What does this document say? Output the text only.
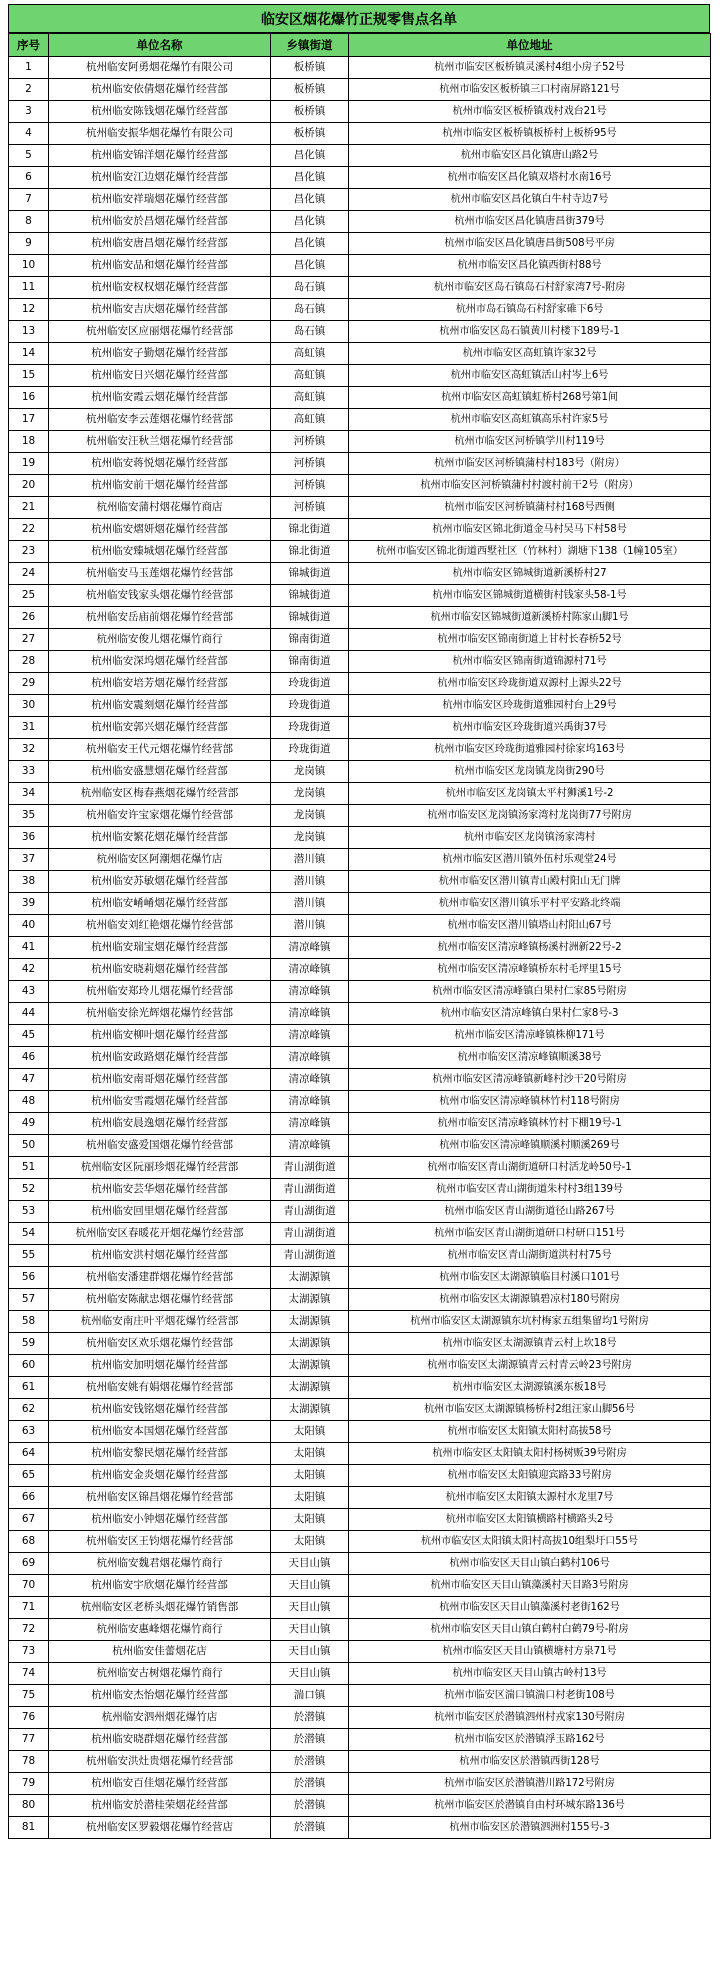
临安区烟花爆竹正规零售点名单
序号	单位名称	乡镇街道	单位地址
1	杭州临安阿勇烟花爆竹有限公司	板桥镇	杭州市临安区板桥镇灵溪村4组小房子52号
2	杭州临安依倩烟花爆竹经营部	板桥镇	杭州市临安区板桥镇三口村南屏路121号
3	杭州临安陈钱烟花爆竹经营部	板桥镇	杭州市临安区板桥镇戏村戏台21号
4	杭州临安振华烟花爆竹有限公司	板桥镇	杭州市临安区板桥镇板桥村上板桥95号
5	杭州临安锦洋烟花爆竹经营部	昌化镇	杭州市临安区昌化镇唐山路2号
6	杭州临安江边烟花爆竹经营部	昌化镇	杭州市临安区昌化镇双塔村水南16号
7	杭州临安祥瑞烟花爆竹经营部	昌化镇	杭州市临安区昌化镇白牛村寺边7号
8	杭州临安於昌烟花爆竹经营部	昌化镇	杭州市临安区昌化镇唐昌街379号
9	杭州临安唐昌烟花爆竹经营部	昌化镇	杭州市临安区昌化镇唐昌街508号平房
10	杭州临安品和烟花爆竹经营部	昌化镇	杭州市临安区昌化镇西街村88号
11	杭州临安权权烟花爆竹经营部	岛石镇	杭州市临安区岛石镇岛石村舒家湾7号-附房
12	杭州临安吉庆烟花爆竹经营部	岛石镇	杭州市岛石镇岛石村舒家碓下6号
13	杭州临安区应丽烟花爆竹经营部	岛石镇	杭州市临安区岛石镇黄川村楼下189号-1
14	杭州临安子勤烟花爆竹经营部	高虹镇	杭州市临安区高虹镇许家32号
15	杭州临安日兴烟花爆竹经营部	高虹镇	杭州市临安区高虹镇活山村岑上6号
16	杭州临安霞云烟花爆竹经营部	高虹镇	杭州市临安区高虹镇虹桥村268号第1间
17	杭州临安李云莲烟花爆竹经营部	高虹镇	杭州市临安区高虹镇高乐村许家5号
18	杭州临安汪秋兰烟花爆竹经营部	河桥镇	杭州市临安区河桥镇学川村119号
19	杭州临安蒋悦烟花爆竹经营部	河桥镇	杭州市临安区河桥镇蒲村村183号（附房）
20	杭州临安前干烟花爆竹经营部	河桥镇	杭州市临安区河桥镇蒲村村渡村前干2号（附房）
21	杭州临安蒲村烟花爆竹商店	河桥镇	杭州市临安区河桥镇蒲村村168号西侧
22	杭州临安熠妍烟花爆竹经营部	锦北街道	杭州市临安区锦北街道金马村吴马下村58号
23	杭州临安臻城烟花爆竹经营部	锦北街道	杭州市临安区锦北街道西墅社区（竹林村）湖塘下138（1幢105室）
24	杭州临安马玉莲烟花爆竹经营部	锦城街道	杭州市临安区锦城街道新溪桥村27
25	杭州临安钱家头烟花爆竹经营部	锦城街道	杭州市临安区锦城街道横街村钱家头58-1号
26	杭州临安岳庙前烟花爆竹经营部	锦城街道	杭州市临安区锦城街道新溪桥村陈家山脚1号
27	杭州临安俊儿烟花爆竹商行	锦南街道	杭州市临安区锦南街道上甘村长春桥52号
28	杭州临安深坞烟花爆竹经营部	锦南街道	杭州市临安区锦南街道锦源村71号
29	杭州临安培芳烟花爆竹经营部	玲珑街道	杭州市临安区玲珑街道双源村上源头22号
30	杭州临安震刻烟花爆竹经营部	玲珑街道	杭州市临安区玲珑街道雅园村台上29号
31	杭州临安郭兴烟花爆竹经营部	玲珑街道	杭州市临安区玲珑街道兴禹街37号
32	杭州临安王代元烟花爆竹经营部	玲珑街道	杭州市临安区玲珑街道雅园村徐家坞163号
33	杭州临安盛慧烟花爆竹经营部	龙岗镇	杭州市临安区龙岗镇龙岗街290号
34	杭州临安区梅春燕烟花爆竹经营部	龙岗镇	杭州市临安区龙岗镇太平村狮溪1号-2
35	杭州临安许宝家烟花爆竹经营部	龙岗镇	杭州市临安区龙岗镇汤家湾村龙岗街77号附房
36	杭州临安繁花烟花爆竹经营部	龙岗镇	杭州市临安区龙岗镇汤家湾村
37	杭州临安区阿潮烟花爆竹店	潜川镇	杭州市临安区潜川镇外伍村乐观堂24号
38	杭州临安苏敏烟花爆竹经营部	潜川镇	杭州市临安区潜川镇青山殿村阳山无门牌
39	杭州临安崤崤烟花爆竹经营部	潜川镇	杭州市临安区潜川镇乐平村平安路北终端
40	杭州临安刘红艳烟花爆竹经营部	潜川镇	杭州市临安区潜川镇塔山村阳山67号
41	杭州临安瑞宝烟花爆竹经营部	清凉峰镇	杭州市临安区清凉峰镇杨溪村洲新22号-2
42	杭州临安晓莉烟花爆竹经营部	清凉峰镇	杭州市临安区清凉峰镇桥东村毛坪里15号
43	杭州临安郑玲儿烟花爆竹经营部	清凉峰镇	杭州市临安区清凉峰镇白果村仁家85号附房
44	杭州临安徐光辉烟花爆竹经营部	清凉峰镇	杭州市临安区清凉峰镇白果村仁家8号-3
45	杭州临安柳叶烟花爆竹经营部	清凉峰镇	杭州市临安区清凉峰镇株柳171号
46	杭州临安政路烟花爆竹经营部	清凉峰镇	杭州市临安区清凉峰镇顺溪38号
47	杭州临安南哥烟花爆竹经营部	清凉峰镇	杭州市临安区清凉峰镇新峰村沙干20号附房
48	杭州临安雪霞烟花爆竹经营部	清凉峰镇	杭州市临安区清凉峰镇林竹村118号附房
49	杭州临安晨逸烟花爆竹经营部	清凉峰镇	杭州市临安区清凉峰镇林竹村下棚19号-1
50	杭州临安盛爱国烟花爆竹经营部	清凉峰镇	杭州市临安区清凉峰镇顺溪村顺溪269号
51	杭州临安区阮丽珍烟花爆竹经营部	青山湖街道	杭州市临安区青山湖街道研口村活龙岭50号-1
52	杭州临安芸华烟花爆竹经营部	青山湖街道	杭州市临安区青山湖街道朱村村3组139号
53	杭州临安回里烟花爆竹经营部	青山湖街道	杭州市临安区青山湖街道径山路267号
54	杭州临安区春暖花开烟花爆竹经营部	青山湖街道	杭州市临安区青山湖街道研口村研口151号
55	杭州临安洪村烟花爆竹经营部	青山湖街道	杭州市临安区青山湖街道洪村村75号
56	杭州临安潘建群烟花爆竹经营部	太湖源镇	杭州市临安区太湖源镇临目村溪口101号
57	杭州临安陈献忠烟花爆竹经营部	太湖源镇	杭州市临安区太湖源镇碧凉村180号附房
58	杭州临安南庄叶平烟花爆竹经营部	太湖源镇	杭州市临安区太湖源镇东坑村梅家五组集留均1号附房
59	杭州临安区欢乐烟花爆竹经营部	太湖源镇	杭州市临安区太湖源镇青云村上坎18号
60	杭州临安加明烟花爆竹经营部	太湖源镇	杭州市临安区太湖源镇青云村青云岭23号附房
61	杭州临安姚有娟烟花爆竹经营部	太湖源镇	杭州市临安区太湖源镇溪东板18号
62	杭州临安钱铭烟花爆竹经营部	太湖源镇	杭州市临安区太湖源镇杨桥村2组汪家山脚56号
63	杭州临安本国烟花爆竹经营部	太阳镇	杭州市临安区太阳镇太阳村高拔58号
64	杭州临安黎民烟花爆竹经营部	太阳镇	杭州市临安区太阳镇太阳村杨树贩39号附房
65	杭州临安金炎烟花爆竹经营部	太阳镇	杭州市临安区太阳镇迎宾路33号附房
66	杭州临安区锦昌烟花爆竹经营部	太阳镇	杭州市临安区太阳镇太源村水龙里7号
67	杭州临安小钟烟花爆竹经营部	太阳镇	杭州市临安区太阳镇横路村横路头2号
68	杭州临安区王钧烟花爆竹经营部	太阳镇	杭州市临安区太阳镇太阳村高拔10组梨圩口55号
69	杭州临安魏君烟花爆竹商行	天目山镇	杭州市临安区天目山镇白鹤村106号
70	杭州临安宇欣烟花爆竹经营部	天目山镇	杭州市临安区天目山镇藻溪村天目路3号附房
71	杭州临安区老桥头烟花爆竹销售部	天目山镇	杭州市临安区天目山镇藻溪村老街162号
72	杭州临安惠峰烟花爆竹商行	天目山镇	杭州市临安区天目山镇白鹤村白鹤79号-附房
73	杭州临安佳蕾烟花店	天目山镇	杭州市临安区天目山镇横塘村方泉71号
74	杭州临安古树烟花爆竹商行	天目山镇	杭州市临安区天目山镇古岭村13号
75	杭州临安杰怡烟花爆竹经营部	湍口镇	杭州市临安区湍口镇湍口村老街108号
76	杭州临安泗州烟花爆竹店	於潜镇	杭州市临安区於潜镇泗州村戎家130号附房
77	杭州临安晓群烟花爆竹经营部	於潜镇	杭州市临安区於潜镇浮玉路162号
78	杭州临安洪灶贵烟花爆竹经营部	於潜镇	杭州市临安区於潜镇西街128号
79	杭州临安百佳烟花爆竹经营部	於潜镇	杭州市临安区於潜镇潜川路172号附房
80	杭州临安於潜桂荣烟花经营部	於潜镇	杭州市临安区於潜镇自由村环城东路136号
81	杭州临安区罗毅烟花爆竹经营店	於潜镇	杭州市临安区於潜镇泗洲村155号-3
